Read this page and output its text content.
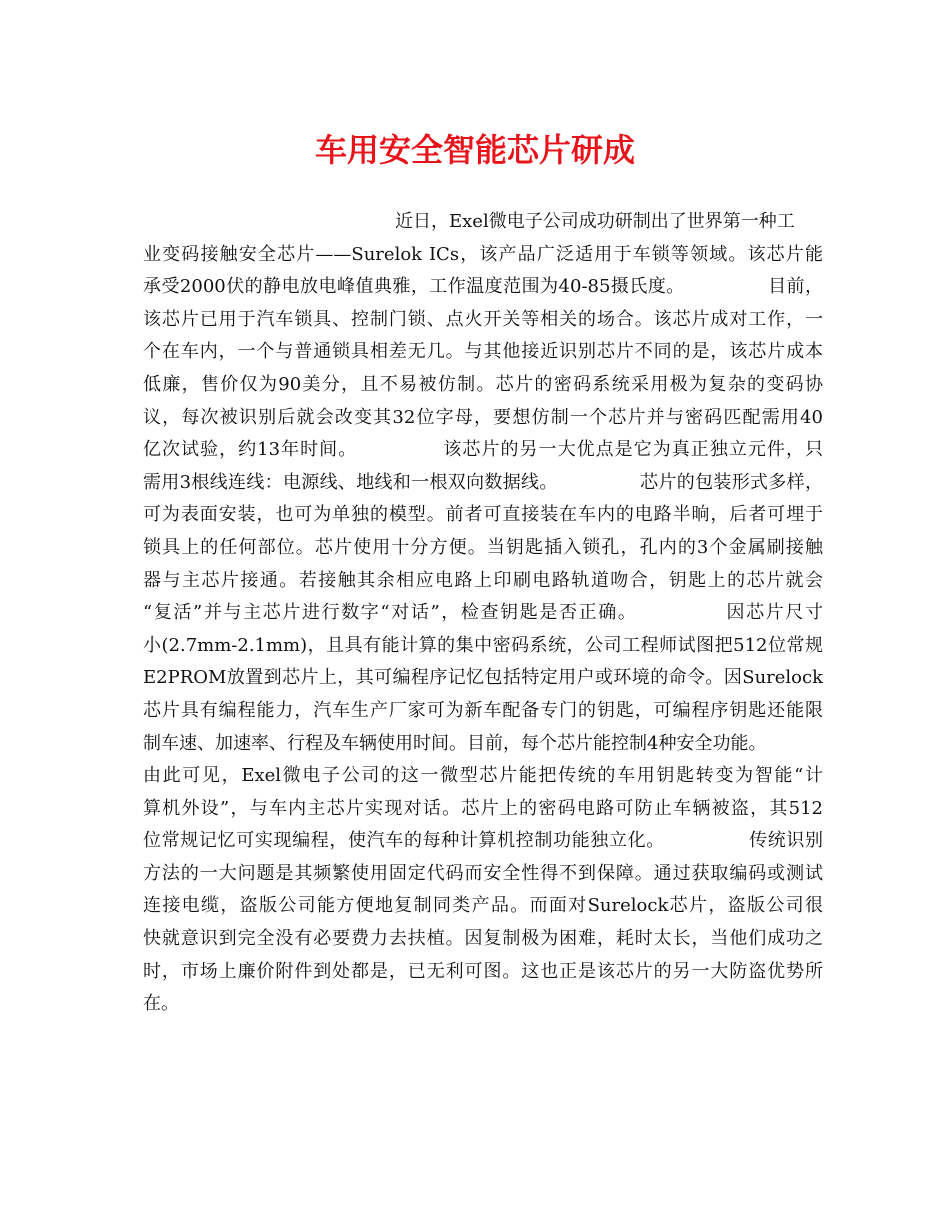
车用安全智能芯片研成
近日，Exel微电子公司成功研制出了世界第一种工
业变码接触安全芯片——Surelok ICs，该产品广泛适用于车锁等领域。该芯片能
承受2000伏的静电放电峰值典雅，工作温度范围为40-85摄氏度。　　　　　目前，
该芯片已用于汽车锁具、控制门锁、点火开关等相关的场合。该芯片成对工作，一
个在车内，一个与普通锁具相差无几。与其他接近识别芯片不同的是，该芯片成本
低廉，售价仅为90美分，且不易被仿制。芯片的密码系统采用极为复杂的变码协
议，每次被识别后就会改变其32位字母，要想仿制一个芯片并与密码匹配需用40
亿次试验，约13年时间。　　　　　该芯片的另一大优点是它为真正独立元件，只
需用3根线连线：电源线、地线和一根双向数据线。　　　　　芯片的包装形式多样，
可为表面安装，也可为单独的模型。前者可直接装在车内的电路半晌，后者可埋于
锁具上的任何部位。芯片使用十分方便。当钥匙插入锁孔，孔内的3个金属刷接触
器与主芯片接通。若接触其余相应电路上印刷电路轨道吻合，钥匙上的芯片就会
“复活”并与主芯片进行数字“对话”，检查钥匙是否正确。　　　　　因芯片尺寸
小(2.7mm-2.1mm)，且具有能计算的集中密码系统，公司工程师试图把512位常规
E2PROM放置到芯片上，其可编程序记忆包括特定用户或环境的命令。因Surelock
芯片具有编程能力，汽车生产厂家可为新车配备专门的钥匙，可编程序钥匙还能限
制车速、加速率、行程及车辆使用时间。目前，每个芯片能控制4种安全功能。
由此可见，Exel微电子公司的这一微型芯片能把传统的车用钥匙转变为智能“计
算机外设”，与车内主芯片实现对话。芯片上的密码电路可防止车辆被盗，其512
位常规记忆可实现编程，使汽车的每种计算机控制功能独立化。　　　　　传统识别
方法的一大问题是其频繁使用固定代码而安全性得不到保障。通过获取编码或测试
连接电缆，盗版公司能方便地复制同类产品。而面对Surelock芯片，盗版公司很
快就意识到完全没有必要费力去扶植。因复制极为困难，耗时太长，当他们成功之
时，市场上廉价附件到处都是，已无利可图。这也正是该芯片的另一大防盗优势所
在。
